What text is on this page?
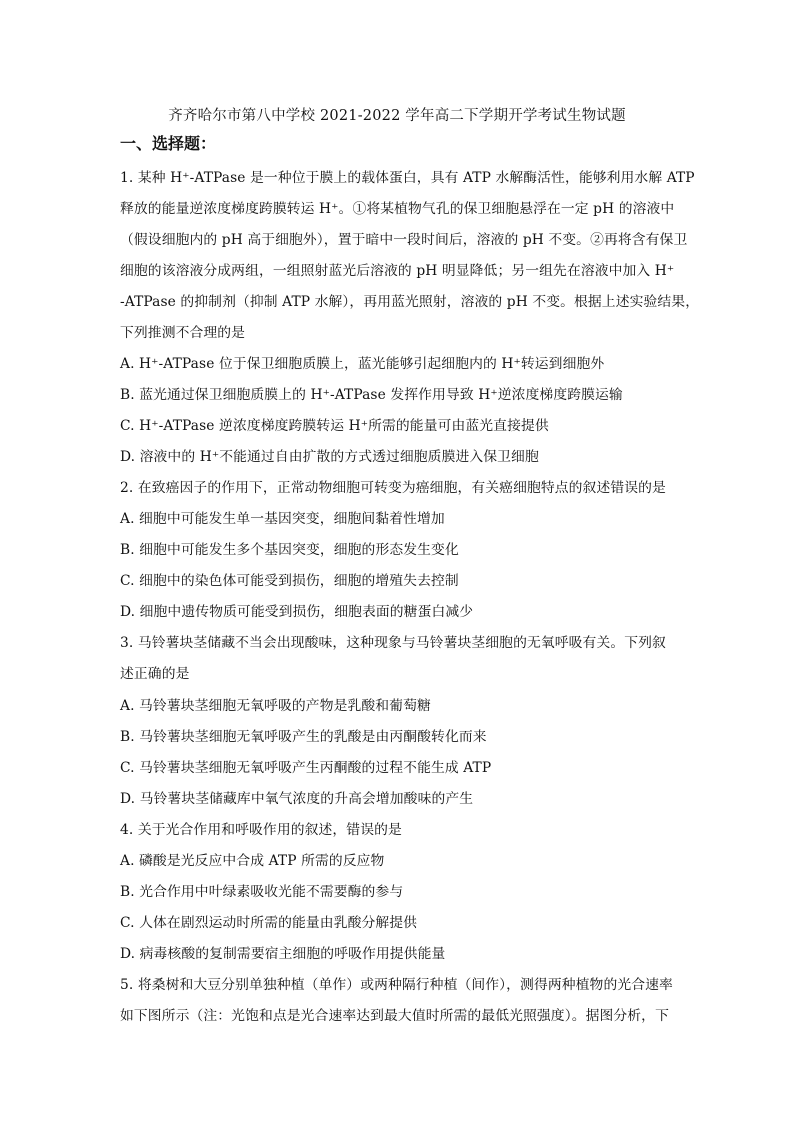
齐齐哈尔市第八中学校 2021-2022 学年高二下学期开学考试生物试题
一、选择题：
1. 某种 H⁺-ATPase 是一种位于膜上的载体蛋白，具有 ATP 水解酶活性，能够利用水解 ATP
释放的能量逆浓度梯度跨膜转运 H⁺。①将某植物气孔的保卫细胞悬浮在一定 pH 的溶液中
（假设细胞内的 pH 高于细胞外），置于暗中一段时间后，溶液的 pH 不变。②再将含有保卫
细胞的该溶液分成两组，一组照射蓝光后溶液的 pH 明显降低；另一组先在溶液中加入 H⁺
-ATPase 的抑制剂（抑制 ATP 水解），再用蓝光照射，溶液的 pH 不变。根据上述实验结果，
下列推测不合理的是
A. H⁺-ATPase 位于保卫细胞质膜上，蓝光能够引起细胞内的 H⁺转运到细胞外
B. 蓝光通过保卫细胞质膜上的 H⁺-ATPase 发挥作用导致 H⁺逆浓度梯度跨膜运输
C. H⁺-ATPase 逆浓度梯度跨膜转运 H⁺所需的能量可由蓝光直接提供
D. 溶液中的 H⁺不能通过自由扩散的方式透过细胞质膜进入保卫细胞
2. 在致癌因子的作用下，正常动物细胞可转变为癌细胞，有关癌细胞特点的叙述错误的是
A. 细胞中可能发生单一基因突变，细胞间黏着性增加
B. 细胞中可能发生多个基因突变，细胞的形态发生变化
C. 细胞中的染色体可能受到损伤，细胞的增殖失去控制
D. 细胞中遗传物质可能受到损伤，细胞表面的糖蛋白减少
3. 马铃薯块茎储藏不当会出现酸味，这种现象与马铃薯块茎细胞的无氧呼吸有关。下列叙
述正确的是
A. 马铃薯块茎细胞无氧呼吸的产物是乳酸和葡萄糖
B. 马铃薯块茎细胞无氧呼吸产生的乳酸是由丙酮酸转化而来
C. 马铃薯块茎细胞无氧呼吸产生丙酮酸的过程不能生成 ATP
D. 马铃薯块茎储藏库中氧气浓度的升高会增加酸味的产生
4. 关于光合作用和呼吸作用的叙述，错误的是
A. 磷酸是光反应中合成 ATP 所需的反应物
B. 光合作用中叶绿素吸收光能不需要酶的参与
C. 人体在剧烈运动时所需的能量由乳酸分解提供
D. 病毒核酸的复制需要宿主细胞的呼吸作用提供能量
5. 将桑树和大豆分别单独种植（单作）或两种隔行种植（间作），测得两种植物的光合速率
如下图所示（注：光饱和点是光合速率达到最大值时所需的最低光照强度）。据图分析，下
